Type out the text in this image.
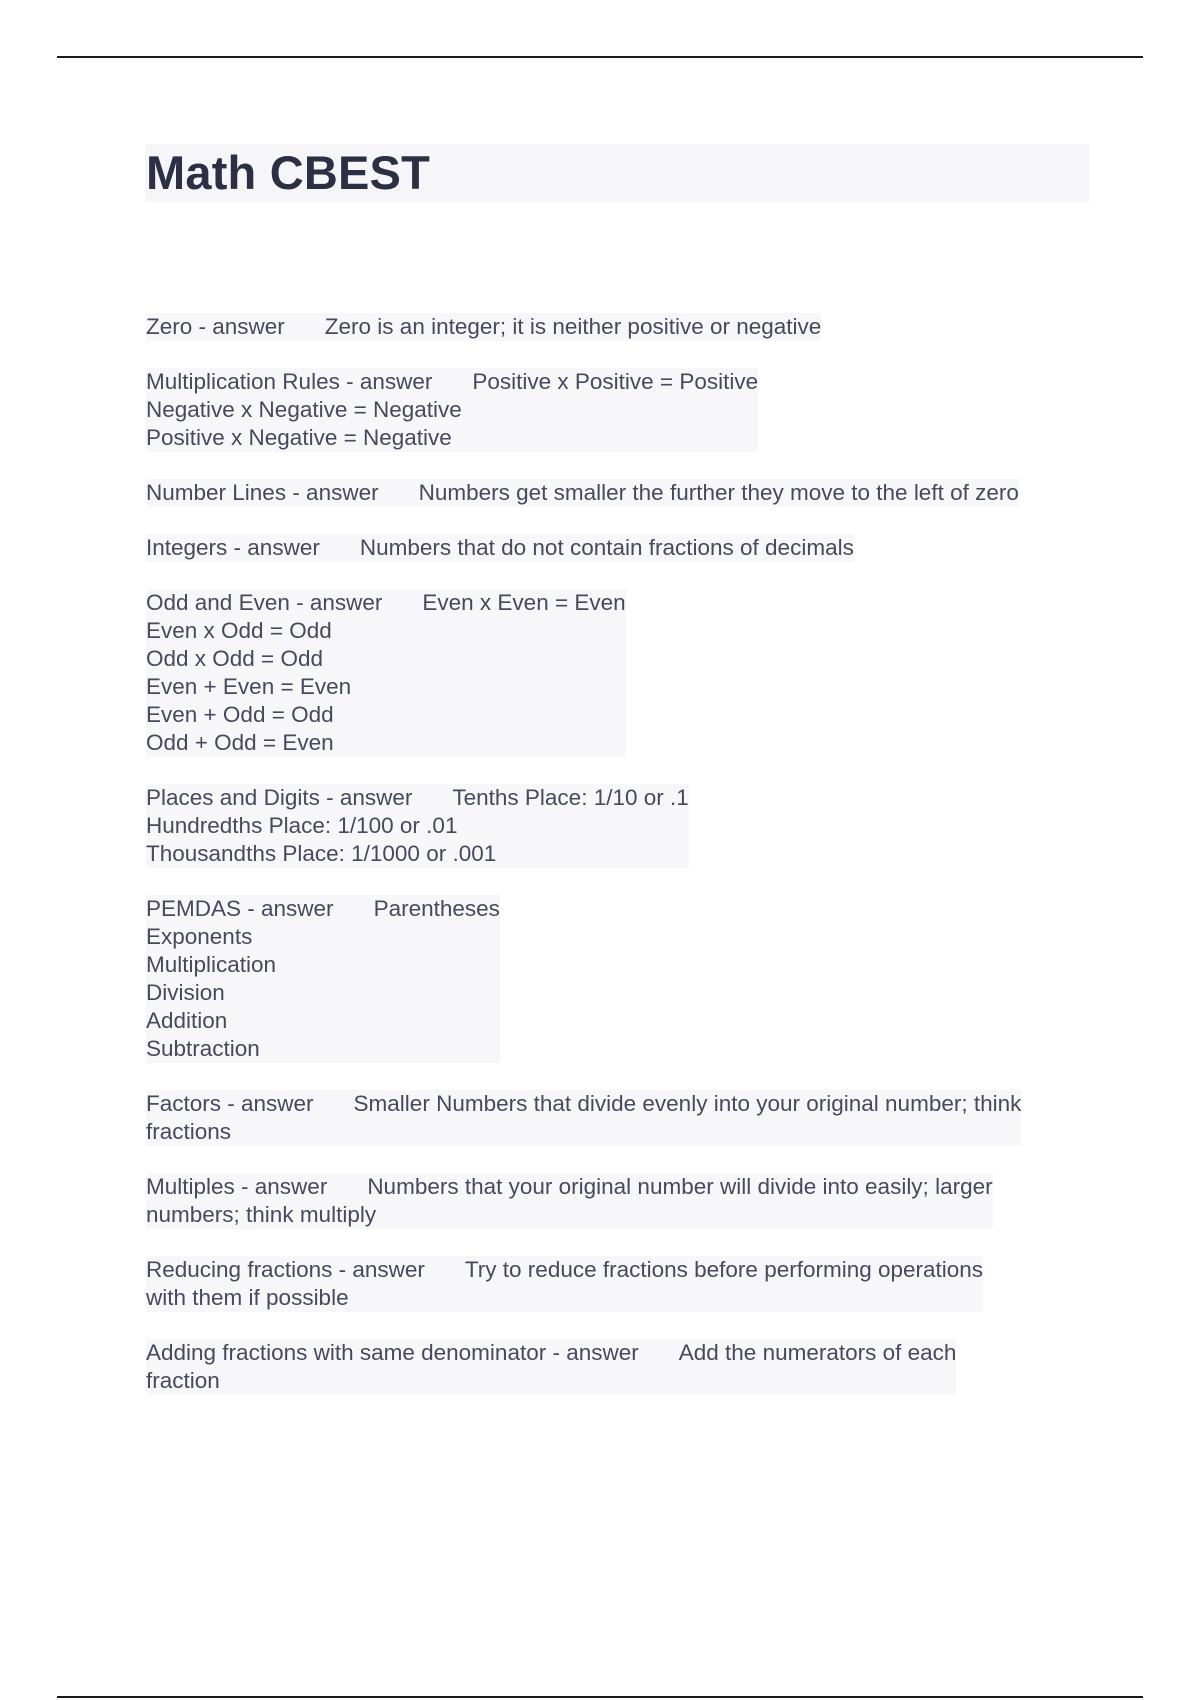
Math CBEST
Zero - answer Zero is an integer; it is neither positive or negative
Multiplication Rules - answer Positive x Positive = Positive
Negative x Negative = Negative
Positive x Negative = Negative
Number Lines - answer Numbers get smaller the further they move to the left of zero
Integers - answer Numbers that do not contain fractions of decimals
Odd and Even - answer Even x Even = Even
Even x Odd = Odd
Odd x Odd = Odd
Even + Even = Even
Even + Odd = Odd
Odd + Odd = Even
Places and Digits - answer Tenths Place: 1/10 or .1
Hundredths Place: 1/100 or .01
Thousandths Place: 1/1000 or .001
PEMDAS - answer Parentheses
Exponents
Multiplication
Division
Addition
Subtraction
Factors - answer Smaller Numbers that divide evenly into your original number; think
fractions
Multiples - answer Numbers that your original number will divide into easily; larger
numbers; think multiply
Reducing fractions - answer Try to reduce fractions before performing operations
with them if possible
Adding fractions with same denominator - answer Add the numerators of each
fraction
